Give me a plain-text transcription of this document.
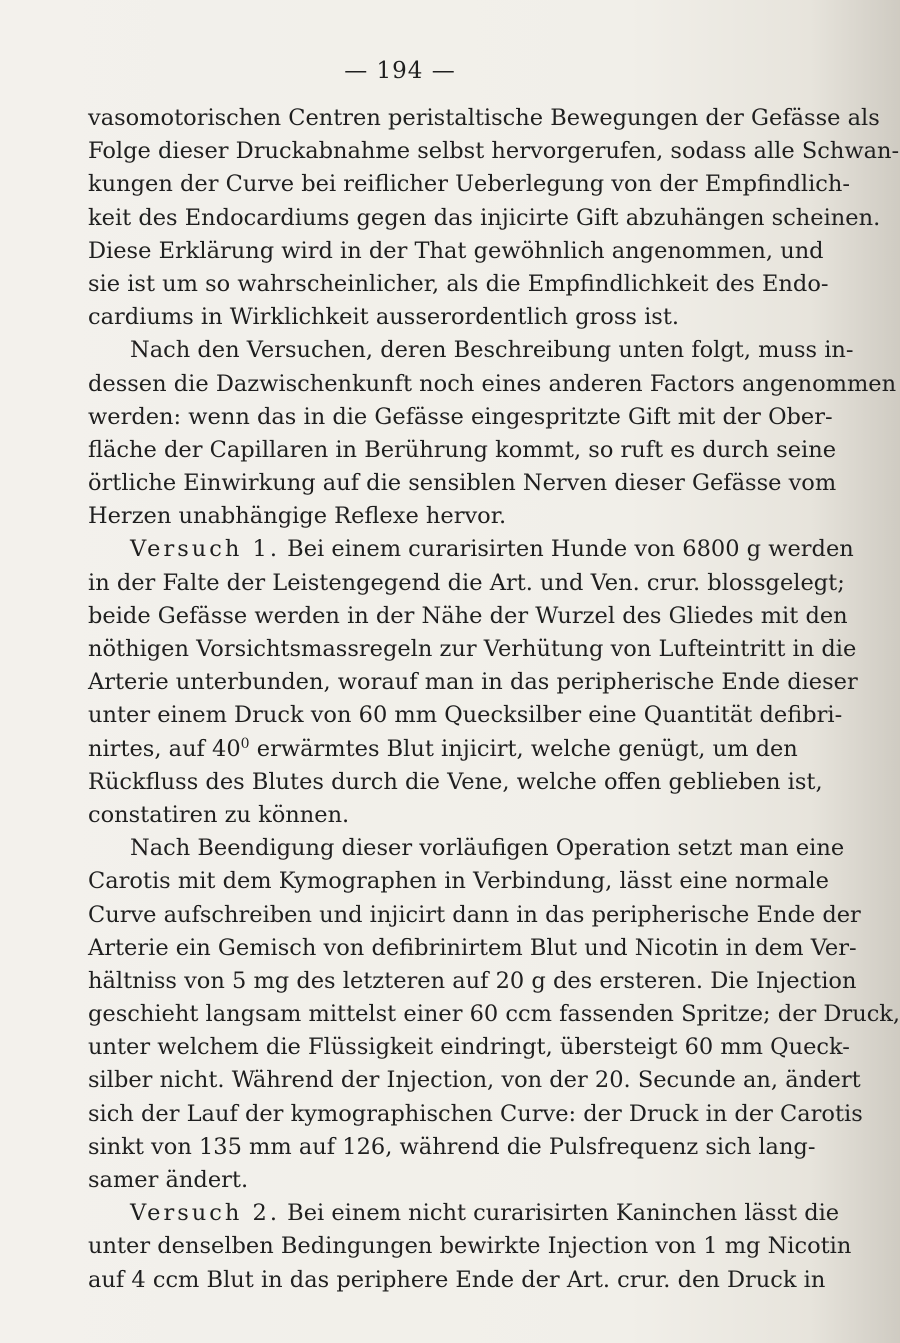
— 194 —
vasomotorischen Centren peristaltische Bewegungen der Gefässe als
Folge dieser Druckabnahme selbst hervorgerufen, sodass alle Schwan-
kungen der Curve bei reiflicher Ueberlegung von der Empfindlich-
keit des Endocardiums gegen das injicirte Gift abzuhängen scheinen.
Diese Erklärung wird in der That gewöhnlich angenommen, und
sie ist um so wahrscheinlicher, als die Empfindlichkeit des Endo-
cardiums in Wirklichkeit ausserordentlich gross ist.
Nach den Versuchen, deren Beschreibung unten folgt, muss in-
dessen die Dazwischenkunft noch eines anderen Factors angenommen
werden: wenn das in die Gefässe eingespritzte Gift mit der Ober-
fläche der Capillaren in Berührung kommt, so ruft es durch seine
örtliche Einwirkung auf die sensiblen Nerven dieser Gefässe vom
Herzen unabhängige Reflexe hervor.
Versuch 1. Bei einem curarisirten Hunde von 6800 g werden
in der Falte der Leistengegend die Art. und Ven. crur. blossgelegt;
beide Gefässe werden in der Nähe der Wurzel des Gliedes mit den
nöthigen Vorsichtsmassregeln zur Verhütung von Lufteintritt in die
Arterie unterbunden, worauf man in das peripherische Ende dieser
unter einem Druck von 60 mm Quecksilber eine Quantität defibri-
nirtes, auf $40^0$ erwärmtes Blut injicirt, welche genügt, um den
Rückfluss des Blutes durch die Vene, welche offen geblieben ist,
constatiren zu können.
Nach Beendigung dieser vorläufigen Operation setzt man eine
Carotis mit dem Kymographen in Verbindung, lässt eine normale
Curve aufschreiben und injicirt dann in das peripherische Ende der
Arterie ein Gemisch von defibrinirtem Blut und Nicotin in dem Ver-
hältniss von 5 mg des letzteren auf 20 g des ersteren. Die Injection
geschieht langsam mittelst einer 60 ccm fassenden Spritze; der Druck,
unter welchem die Flüssigkeit eindringt, übersteigt 60 mm Queck-
silber nicht. Während der Injection, von der 20. Secunde an, ändert
sich der Lauf der kymographischen Curve: der Druck in der Carotis
sinkt von 135 mm auf 126, während die Pulsfrequenz sich lang-
samer ändert.
Versuch 2. Bei einem nicht curarisirten Kaninchen lässt die
unter denselben Bedingungen bewirkte Injection von 1 mg Nicotin
auf 4 ccm Blut in das periphere Ende der Art. crur. den Druck in
